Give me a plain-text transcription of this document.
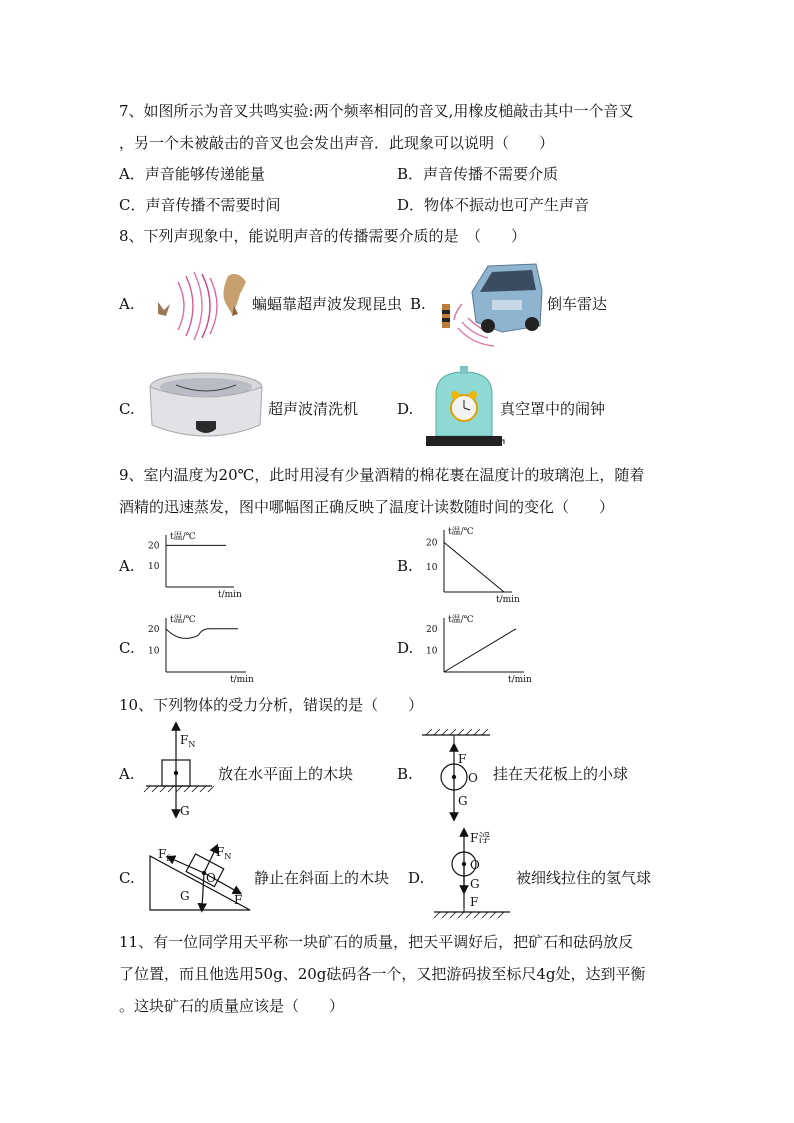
7、如图所示为音叉共鸣实验:两个频率相同的音叉,用橡皮槌敲击其中一个音叉
，另一个未被敲击的音叉也会发出声音．此现象可以说明（　　）
A．声音能够传递能量	B．声音传播不需要介质
C．声音传播不需要时间	D．物体不振动也可产生声音
8、下列声现象中，能说明声音的传播需要介质的是　（　　）
A.	蝙蝠靠超声波发现昆虫 B.	倒车雷达
C.	超声波清洗机	D.	真空罩中的闹钟
9、室内温度为20℃，此时用浸有少量酒精的棉花裹在温度计的玻璃泡上，随着
酒精的迅速蒸发，图中哪幅图正确反映了温度计读数随时间的变化（　　）
A.	B.
C.	D.
t温/℃
t/min
10
20
t温/℃
t/min
10
20
t温/℃
t/min
10
20
t温/℃
t/min
10
20
10、下列物体的受力分析，错误的是（　　）
A.
$F_N$
G
放在水平面上的木块	B.
F
O
G
挂在天花板上的小球
C.
$F_N$
$F_f$
F
G
O	静止在斜面上的木块 D.
F浮
O
G
F
被细线拉住的氢气球
11、有一位同学用天平称一块矿石的质量，把天平调好后，把矿石和砝码放反
了位置，而且他选用50g、20g砝码各一个，又把游码拔至标尺4g处，达到平衡
。这块矿石的质量应该是（　　）
